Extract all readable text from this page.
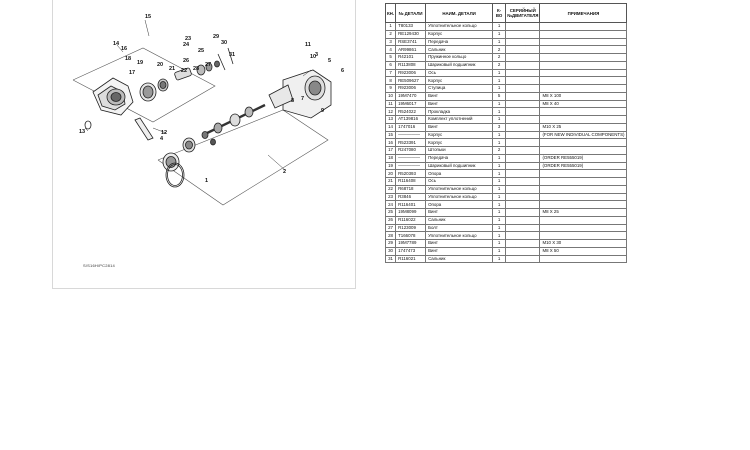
1
2
3
4
5
6
7
8
9
10
11
12
13
14
15
16
17
18
19	20
21 22
23
24
25
26
27
28
29
30
31
S/S16H/PC2814
КН.	№ ДЕТАЛИ	НАИМ. ДЕТАЛИ	К-ВО	СЕРИЙНЫЙ №ДВИГАТЕЛЯ	ПРИМЕЧАНИЯ
1	T80133	Уплотнительное кольцо	1		
2	RE129430	Корпус	1		
3	RSE3741	Передача	1		
4	AR99861	Сальник	2		
5	R42101	Пружинное кольцо	2		
6	R113808	Шариковый подшипник	2		
7	R923006	Ось	1		
8	RE509627	Корпус	1		
9	R923006	Ступица	1		
10	19M7470	Винт	5		M8 X 100
11	19M6017	Винт	1		M8 X 40
12	R524022	Прокладка	1		
13	AT139816	Комплект уплотнений	1		
14	1747016	Винт	3		M10 X 25
15	—————	Корпус	1		(FOR NEW INDIVIDUAL COMPONENTS)
16	R523391	Корпус	1		
17	R247080	Штопьки	2		
18	—————	Передача	1		(ORDER RE555019)
19	—————	Шариковый подшипник	1		(ORDER RE555019)
20	R520393	Опора	1		
21	R116408	Ось	1		
22	R68718	Уплотнительное кольцо	1		
23	R3846	Уплотнительное кольцо	1		
24	R116401	Опора	1		
25	19M8099	Винт	1		M8 X 25
26	R116022	Сальник	1		
27	R123009	Болт	1		
28	T166078	Уплотнительное кольцо	1		
29	19M7789	Винт	1		M10 X 30
30	1747473	Винт	1		M8 X 50
31	R116021	Сальник	1		
